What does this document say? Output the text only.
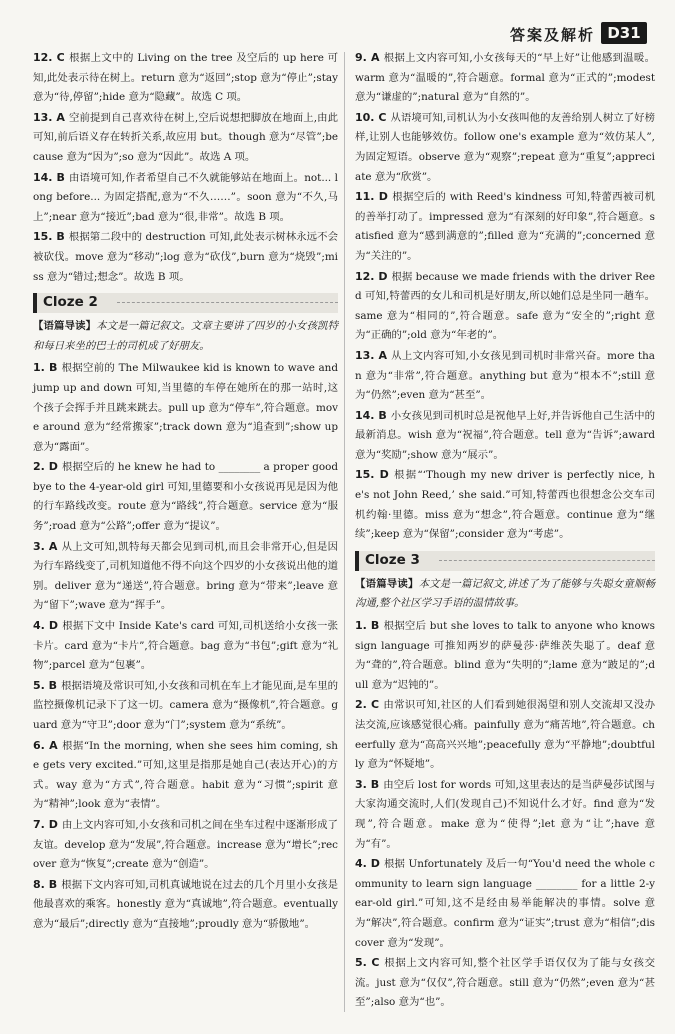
答案及解析 D31
12. C 根据上文中的 Living on the tree 及空后的 up here 可知,此处表示待在树上。return 意为“返回”;stop 意为“停止”;stay 意为“待,停留”;hide 意为“隐藏”。故选 C 项。
13. A 空前提到自己喜欢待在树上,空后说想把脚放在地面上,由此可知,前后语义存在转折关系,故应用 but。though 意为“尽管”;because 意为“因为”;so 意为“因此”。故选 A 项。
14. B 由语境可知,作者希望自己不久就能够站在地面上。not... long before... 为固定搭配,意为“不久……”。soon 意为“不久,马上”;near 意为“接近”;bad 意为“很,非常”。故选 B 项。
15. B 根据第二段中的 destruction 可知,此处表示树林永远不会被砍伐。move 意为“移动”;log 意为“砍伐”,burn 意为“烧毁”;miss 意为“错过;想念”。故选 B 项。
Cloze 2
【语篇导读】本文是一篇记叙文。文章主要讲了四岁的小女孩凯特和每日来坐的巴士的司机成了好朋友。
1. B 根据空前的 The Milwaukee kid is known to wave and jump up and down 可知,当里德的车停在她所在的那一站时,这个孩子会挥手并且跳来跳去。pull up 意为“停车”,符合题意。move around 意为“经常搬家”;track down 意为“追查到”;show up 意为“露面”。
2. D 根据空后的 he knew he had to ________ a proper goodbye to the 4-year-old girl 可知,里德要和小女孩说再见是因为他的行车路线改变。route 意为“路线”,符合题意。service 意为“服务”;road 意为“公路”;offer 意为“提议”。
3. A 从上文可知,凯特每天都会见到司机,而且会非常开心,但是因为行车路线变了,司机知道他不得不向这个四岁的小女孩说出他的道别。deliver 意为“递送”,符合题意。bring 意为“带来”;leave 意为“留下”;wave 意为“挥手”。
4. D 根据下文中 Inside Kate's card 可知,司机送给小女孩一张卡片。card 意为“卡片”,符合题意。bag 意为“书包”;gift 意为“礼物”;parcel 意为“包裹”。
5. B 根据语境及常识可知,小女孩和司机在车上才能见面,是车里的监控摄像机记录下了这一切。camera 意为“摄像机”,符合题意。guard 意为“守卫”;door 意为“门”;system 意为“系统”。
6. A 根据“In the morning, when she sees him coming, she gets very excited.”可知,这里是指那是她自己(表达开心)的方式。way 意为“方式”,符合题意。habit 意为“习惯”;spirit 意为“精神”;look 意为“表情”。
7. D 由上文内容可知,小女孩和司机之间在坐车过程中逐渐形成了友谊。develop 意为“发展”,符合题意。increase 意为“增长”;recover 意为“恢复”;create 意为“创造”。
8. B 根据下文内容可知,司机真诚地说在过去的几个月里小女孩是他最喜欢的乘客。honestly 意为“真诚地”,符合题意。eventually 意为“最后”;directly 意为“直接地”;proudly 意为“骄傲地”。
9. A 根据上文内容可知,小女孩每天的“早上好”让他感到温暖。warm 意为“温暖的”,符合题意。formal 意为“正式的”;modest 意为“谦虚的”;natural 意为“自然的”。
10. C 从语境可知,司机认为小女孩叫他的友善给别人树立了好榜样,让别人也能够效仿。follow one's example 意为“效仿某人”,为固定短语。observe 意为“观察”;repeat 意为“重复”;appreciate 意为“欣赏”。
11. D 根据空后的 with Reed's kindness 可知,特蕾西被司机的善举打动了。impressed 意为“有深刻的好印象”,符合题意。satisfied 意为“感到满意的”;filled 意为“充满的”;concerned 意为“关注的”。
12. D 根据 because we made friends with the driver Reed 可知,特蕾西的女儿和司机是好朋友,所以她们总是坐同一趟车。same 意为“相同的”,符合题意。safe 意为“安全的”;right 意为“正确的”;old 意为“年老的”。
13. A 从上文内容可知,小女孩见到司机时非常兴奋。more than 意为“非常”,符合题意。anything but 意为“根本不”;still 意为“仍然”;even 意为“甚至”。
14. B 小女孩见到司机时总是祝他早上好,并告诉他自己生活中的最新消息。wish 意为“祝福”,符合题意。tell 意为“告诉”;award 意为“奖励”;show 意为“展示”。
15. D 根据“‘Though my new driver is perfectly nice, he's not John Reed,’ she said.”可知,特蕾西也很想念公交车司机约翰·里德。miss 意为“想念”,符合题意。continue 意为“继续”;keep 意为“保留”;consider 意为“考虑”。
Cloze 3
【语篇导读】本文是一篇记叙文,讲述了为了能够与失聪女童顺畅沟通,整个社区学习手语的温情故事。
1. B 根据空后 but she loves to talk to anyone who knows sign language 可推知两岁的萨曼莎·萨维茨失聪了。deaf 意为“聋的”,符合题意。blind 意为“失明的”;lame 意为“跛足的”;dull 意为“迟钝的”。
2. C 由常识可知,社区的人们看到她很渴望和别人交流却又没办法交流,应该感觉很心痛。painfully 意为“痛苦地”,符合题意。cheerfully 意为“高高兴兴地”;peacefully 意为“平静地”;doubtfully 意为“怀疑地”。
3. B 由空后 lost for words 可知,这里表达的是当萨曼莎试图与大家沟通交流时,人们(发现自己)不知说什么才好。find 意为“发现”,符合题意。make 意为“使得”;let 意为“让”;have 意为“有”。
4. D 根据 Unfortunately 及后一句“You'd need the whole community to learn sign language ________ for a little 2-year-old girl.”可知,这不是经由易举能解决的事情。solve 意为“解决”,符合题意。confirm 意为“证实”;trust 意为“相信”;discover 意为“发现”。
5. C 根据上文内容可知,整个社区学手语仅仅为了能与女孩交流。just 意为“仅仅”,符合题意。still 意为“仍然”;even 意为“甚至”;also 意为“也”。
